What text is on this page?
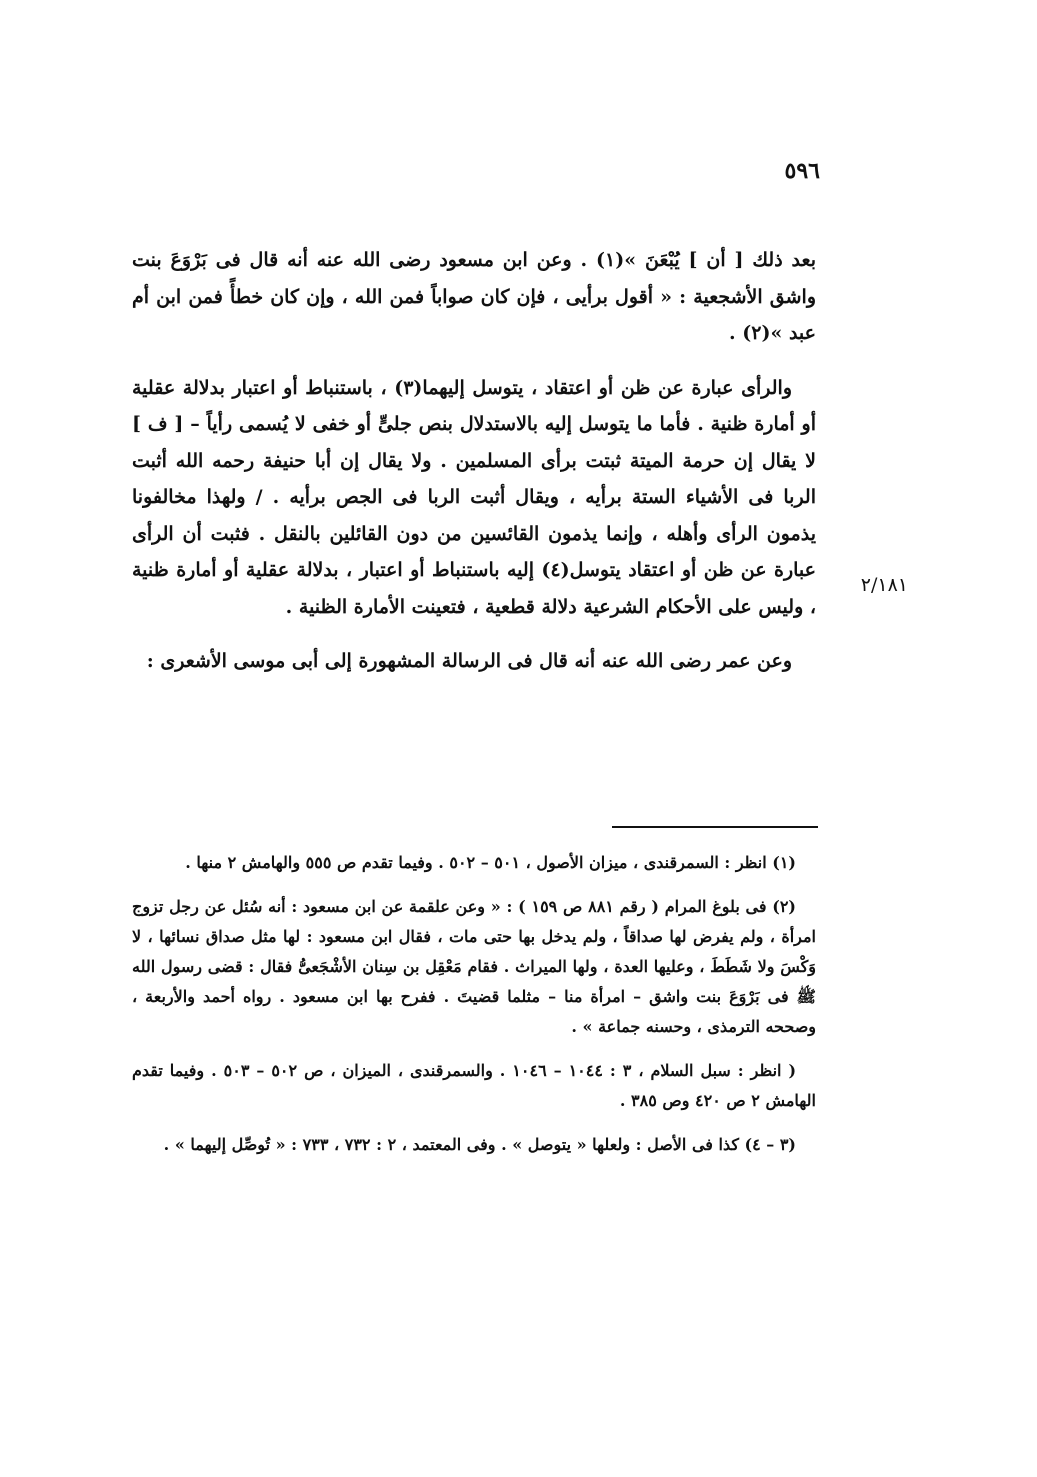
٥٩٦
٢/١٨١

بعد ذلك [ أن ] يُبْعَنَ »(١) . وعن ابن مسعود رضى الله عنه أنه قال فى بَرْوَعَ بنت واشق الأشجعية : « أقول برأيى ، فإن كان صواباً فمن الله ، وإن كان خطأً فمن ابن أم عبد »(٢) .

والرأى عبارة عن ظن أو اعتقاد ، يتوسل إليهما(٣) ، باستنباط أو اعتبار بدلالة عقلية أو أمارة ظنية . فأما ما يتوسل إليه بالاستدلال بنص جلىٍّ أو خفى لا يُسمى رأياً – [ ف ] لا يقال إن حرمة الميتة ثبتت برأى المسلمين . ولا يقال إن أبا حنيفة رحمه الله أثبت الربا فى الأشياء الستة برأيه ، ويقال أثبت الربا فى الجص برأيه . / ولهذا مخالفونا يذمون الرأى وأهله ، وإنما يذمون القائسين من دون القائلين بالنقل . فثبت أن الرأى عبارة عن ظن أو اعتقاد يتوسل(٤) إليه باستنباط أو اعتبار ، بدلالة عقلية أو أمارة ظنية ، وليس على الأحكام الشرعية دلالة قطعية ، فتعينت الأمارة الظنية .

وعن عمر رضى الله عنه أنه قال فى الرسالة المشهورة إلى أبى موسى الأشعرى :

(١) انظر : السمرقندى ، ميزان الأصول ، ٥٠١ – ٥٠٢ . وفيما تقدم ص ٥٥٥ والهامش ٢ منها .

(٢) فى بلوغ المرام ( رقم ٨٨١ ص ١٥٩ ) : « وعن علقمة عن ابن مسعود : أنه سُئل عن رجل تزوج امرأة ، ولم يفرض لها صداقاً ، ولم يدخل بها حتى مات ، فقال ابن مسعود : لها مثل صداق نسائها ، لا وَكْسَ ولا شَطَطَ ، وعليها العدة ، ولها الميراث . فقام مَعْقِل بن سِنان الأشْجَعىُّ فقال : قضى رسول الله ﷺ فى بَرْوَعَ بنت واشق – امرأة منا – مثلما قضيتَ . ففرح بها ابن مسعود . رواه أحمد والأربعة ، وصححه الترمذى ، وحسنه جماعة » .

( انظر : سبل السلام ، ٣ : ١٠٤٤ – ١٠٤٦ . والسمرقندى ، الميزان ، ص ٥٠٢ – ٥٠٣ . وفيما تقدم الهامش ٢ ص ٤٢٠ وص ٣٨٥ .

(٣ – ٤) كذا فى الأصل : ولعلها « يتوصل » . وفى المعتمد ، ٢ : ٧٣٢ ، ٧٣٣ : « تُوصِّل إليهما » .
